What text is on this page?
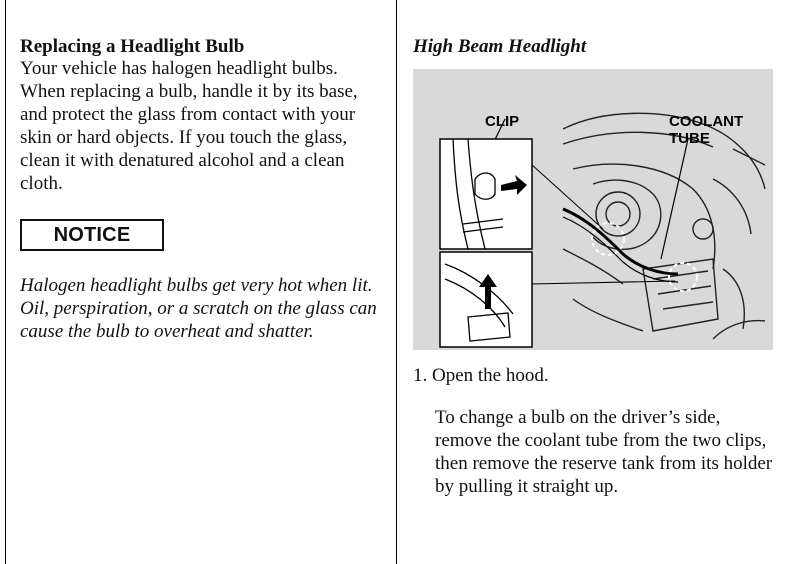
Replacing a Headlight Bulb

Your vehicle has halogen headlight bulbs. When replacing a bulb, handle it by its base, and protect the glass from contact with your skin or hard objects. If you touch the glass, clean it with denatured alcohol and a clean cloth.

NOTICE

Halogen headlight bulbs get very hot when lit. Oil, perspiration, or a scratch on the glass can cause the bulb to overheat and shatter.

High Beam Headlight

CLIP	COOLANT
TUBE

1. Open the hood.

To change a bulb on the driver’s side, remove the coolant tube from the two clips, then remove the reserve tank from its holder by pulling it straight up.
